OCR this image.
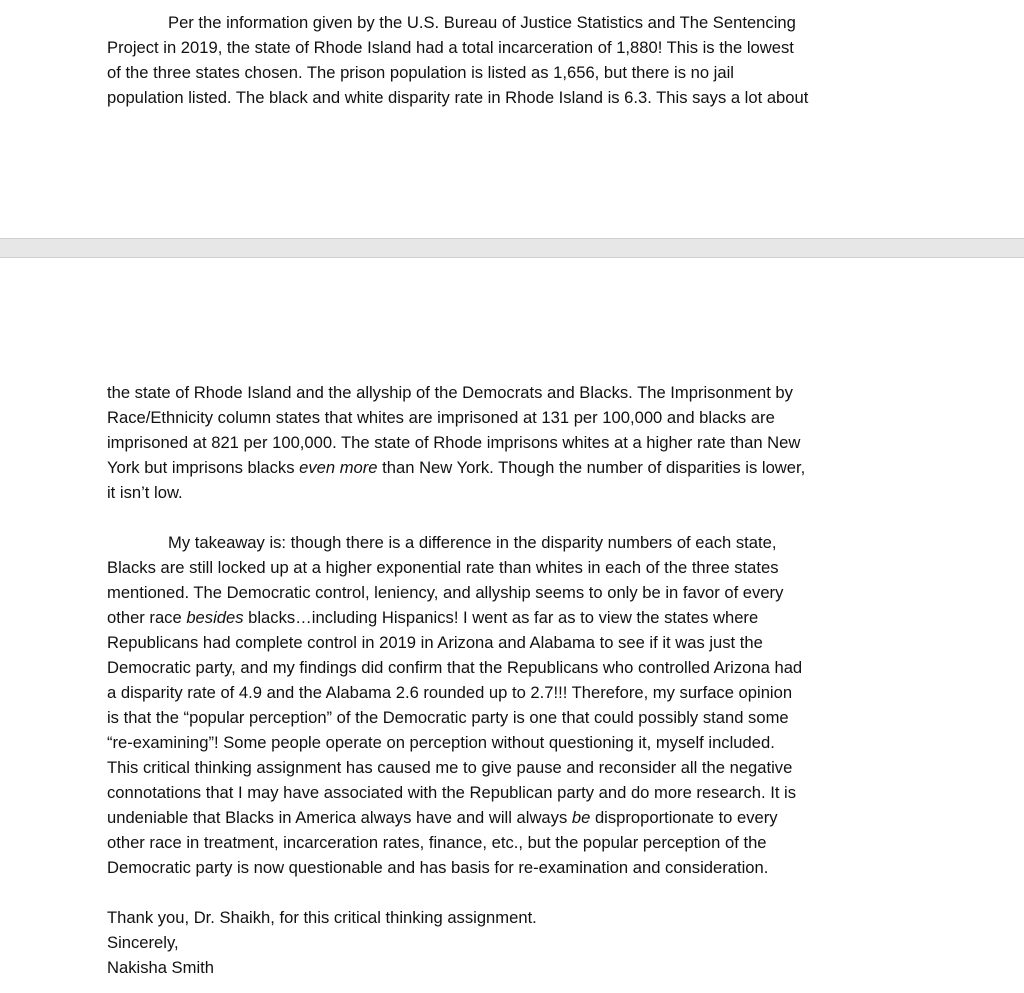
Per the information given by the U.S. Bureau of Justice Statistics and The Sentencing
Project in 2019, the state of Rhode Island had a total incarceration of 1,880! This is the lowest
of the three states chosen. The prison population is listed as 1,656, but there is no jail
population listed. The black and white disparity rate in Rhode Island is 6.3. This says a lot about
the state of Rhode Island and the allyship of the Democrats and Blacks. The Imprisonment by
Race/Ethnicity column states that whites are imprisoned at 131 per 100,000 and blacks are
imprisoned at 821 per 100,000. The state of Rhode imprisons whites at a higher rate than New
York but imprisons blacks even more than New York. Though the number of disparities is lower,
it isn’t low.
My takeaway is: though there is a difference in the disparity numbers of each state,
Blacks are still locked up at a higher exponential rate than whites in each of the three states
mentioned. The Democratic control, leniency, and allyship seems to only be in favor of every
other race besides blacks…including Hispanics! I went as far as to view the states where
Republicans had complete control in 2019 in Arizona and Alabama to see if it was just the
Democratic party, and my findings did confirm that the Republicans who controlled Arizona had
a disparity rate of 4.9 and the Alabama 2.6 rounded up to 2.7!!! Therefore, my surface opinion
is that the “popular perception” of the Democratic party is one that could possibly stand some
“re-examining”! Some people operate on perception without questioning it, myself included.
This critical thinking assignment has caused me to give pause and reconsider all the negative
connotations that I may have associated with the Republican party and do more research. It is
undeniable that Blacks in America always have and will always be disproportionate to every
other race in treatment, incarceration rates, finance, etc., but the popular perception of the
Democratic party is now questionable and has basis for re-examination and consideration.
Thank you, Dr. Shaikh, for this critical thinking assignment.
Sincerely,
Nakisha Smith
